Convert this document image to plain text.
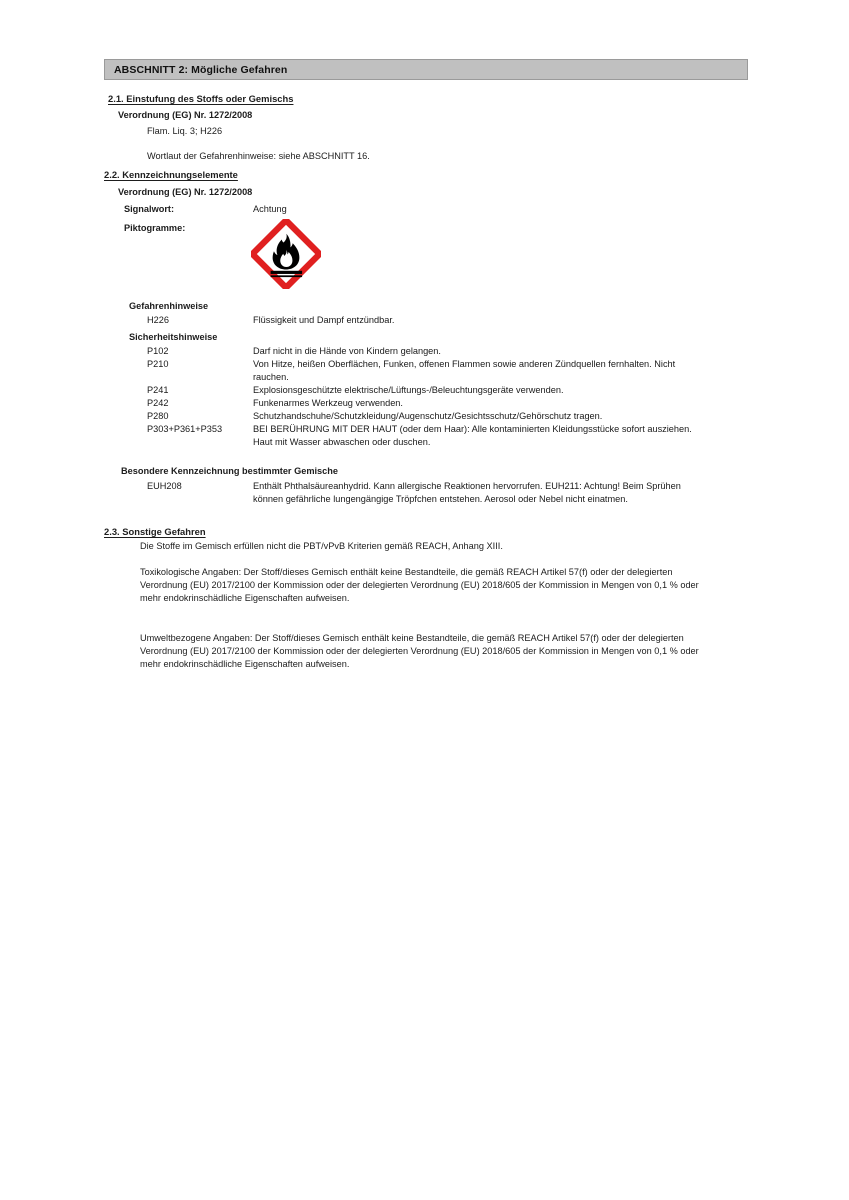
ABSCHNITT 2: Mögliche Gefahren
2.1. Einstufung des Stoffs oder Gemischs
Verordnung (EG) Nr. 1272/2008
Flam. Liq. 3; H226
Wortlaut der Gefahrenhinweise: siehe ABSCHNITT 16.
2.2. Kennzeichnungselemente
Verordnung (EG) Nr. 1272/2008
Signalwort:	Achtung
Piktogramme:
Gefahrenhinweise
H226	Flüssigkeit und Dampf entzündbar.
Sicherheitshinweise
P102	Darf nicht in die Hände von Kindern gelangen.
P210	Von Hitze, heißen Oberflächen, Funken, offenen Flammen sowie anderen Zündquellen fernhalten. Nicht rauchen.
P241	Explosionsgeschützte elektrische/Lüftungs-/Beleuchtungsgeräte verwenden.
P242	Funkenarmes Werkzeug verwenden.
P280	Schutzhandschuhe/Schutzkleidung/Augenschutz/Gesichtsschutz/Gehörschutz tragen.
P303+P361+P353	BEI BERÜHRUNG MIT DER HAUT (oder dem Haar): Alle kontaminierten Kleidungsstücke sofort ausziehen. Haut mit Wasser abwaschen oder duschen.
Besondere Kennzeichnung bestimmter Gemische
EUH208	Enthält Phthalsäureanhydrid. Kann allergische Reaktionen hervorrufen. EUH211: Achtung! Beim Sprühen können gefährliche lungengängige Tröpfchen entstehen. Aerosol oder Nebel nicht einatmen.
2.3. Sonstige Gefahren
Die Stoffe im Gemisch erfüllen nicht die PBT/vPvB Kriterien gemäß REACH, Anhang XIII.
Toxikologische Angaben: Der Stoff/dieses Gemisch enthält keine Bestandteile, die gemäß REACH Artikel 57(f) oder der delegierten Verordnung (EU) 2017/2100 der Kommission oder der delegierten Verordnung (EU) 2018/605 der Kommission in Mengen von 0,1 % oder mehr endokrinschädliche Eigenschaften aufweisen.
Umweltbezogene Angaben: Der Stoff/dieses Gemisch enthält keine Bestandteile, die gemäß REACH Artikel 57(f) oder der delegierten Verordnung (EU) 2017/2100 der Kommission oder der delegierten Verordnung (EU) 2018/605 der Kommission in Mengen von 0,1 % oder mehr endokrinschädliche Eigenschaften aufweisen.
